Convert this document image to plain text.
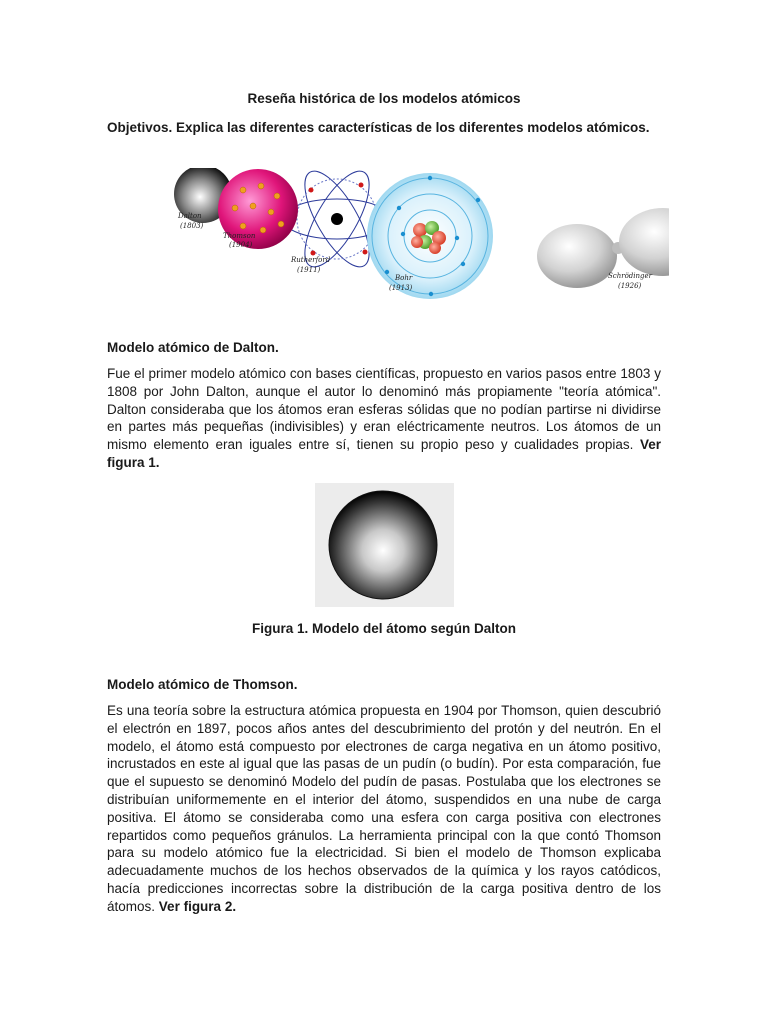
Reseña histórica de los modelos atómicos
Objetivos. Explica las diferentes características de los diferentes modelos atómicos.
Dalton
(1803)
Rutherford
(1911)
Thomson
(1904)
Bohr
(1913)
Schrödinger
(1926)
Modelo atómico de Dalton.
Fue el primer modelo atómico con bases científicas, propuesto en varios pasos entre 1803 y 1808 por John Dalton, aunque el autor lo denominó más propiamente "teoría atómica". Dalton consideraba que los átomos eran esferas sólidas que no podían partirse ni dividirse en partes más pequeñas (indivisibles) y eran eléctricamente neutros. Los átomos de un mismo elemento eran iguales entre sí, tienen su propio peso y cualidades propias. Ver figura 1.
Figura 1. Modelo del átomo según Dalton
Modelo atómico de Thomson.
Es una teoría sobre la estructura atómica propuesta en 1904 por Thomson, quien descubrió el electrón en 1897, pocos años antes del descubrimiento del protón y del neutrón. En el modelo, el átomo está compuesto por electrones de carga negativa en un átomo positivo, incrustados en este al igual que las pasas de un pudín (o budín). Por esta comparación, fue que el supuesto se denominó Modelo del pudín de pasas. Postulaba que los electrones se distribuían uniformemente en el interior del átomo, suspendidos en una nube de carga positiva. El átomo se consideraba como una esfera con carga positiva con electrones repartidos como pequeños gránulos. La herramienta principal con la que contó Thomson para su modelo atómico fue la electricidad. Si bien el modelo de Thomson explicaba adecuadamente muchos de los hechos observados de la química y los rayos catódicos, hacía predicciones incorrectas sobre la distribución de la carga positiva dentro de los átomos. Ver figura 2.
